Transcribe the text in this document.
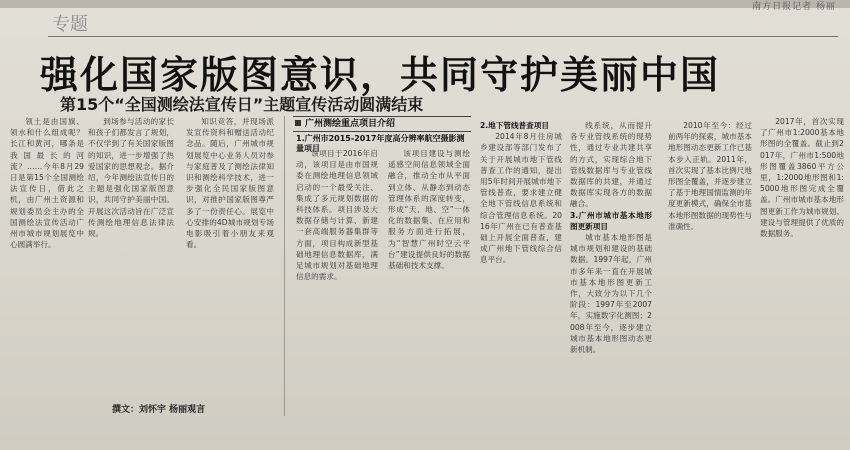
南方日报记者 杨丽
专题
强化国家版图意识，共同守护美丽中国
第15个“全国测绘法宣传日”主题宣传活动圆满结束

领土是由国旗、领水和什么组成呢？长江和黄河，哪条是我国最长的河流？……今年8月29日是第15个全国测绘法宣传日，借此之机，由广州土资源和规划委员会主办的全国测绘法宣传活动广州市城市规划展览中心圆满举行。

到场参与活动的家长和孩子们都发言了规划，不仅学到了有关国家版图的知识，进一步增强了热爱国家的思想观念。据介绍，今年测绘法宣传日的主题是强化国家版图意识，共同守护美丽中国。开展这次活动旨在广泛宣传测绘地理信息法律法规。

知识竞答，并现场派发宣传资料和赠送活动纪念品。随后，广州城市规划展览中心业务人员对参与家庭普及了测绘法律知识和测绘科学技术，进一步强化全民国家版图意识，对推护国家版图尊严多了一份责任心。展览中心安排的4D城市规划专场电影吸引着小朋友来观看。

广州测绘重点项目介绍
1.广州市2015-2017年度高分辨率航空摄影测量项目

该项目于2016年启动，该项目是由市国规委在测绘地理信息领域启动的一个最受关注、集成了多元规划数据的科技体系。项目涉及大数据存储与计算、新建一套高端服务器集群等方面，项目构成新型基础地理信息数据库，满足城市规划对基础地理信息的需求。

该项目建设与测绘遥感空间信息领域全面融合，推动全市从平面到立体、从静态到动态管理体系的深度转变，形成“天、地、空”一体化的数据集、在应用和服务方面进行拓展，为“智慧广州时空云平台”建设提供良好的数据基础和技术支撑。

2.地下管线普查项目

2014年8月住房城乡建设部等部门发布了关于开展城市地下管线普查工作的通知，提出用5年时间开展城市地下管线普查，要求建立健全地下管线信息系统和综合管理信息系统。2016年广州在已有普查基础上开展全面普查，建成广州地下管线综合信息平台。

线系统，从而提升各专业管线系统的现势性，通过专业共建共享的方式，实现综合地下管线数据库与专业管线数据库的共建，并通过数据库实现各方的数据融合。

3.广州市城市基本地形图更新项目

城市基本地形图是城市规划和建设的基础数据。1997年起，广州市多年来一直在开展城市基本地形图更新工作，大致分为以下几个阶段：1997年至2007年，实施数字化测图；2008年至今，逐步建立城市基本地形图动态更新机制。

2010年至今：经过前两年的探索，城市基本地形图动态更新工作已基本步入正轨。2011年，首次实现了基本比例尺地形图全覆盖，并逐步建立了基于地理国情监测的年度更新模式，确保全市基本地形图数据的现势性与准确性。

2017年，首次实现了广州市1:2000基本地形图的全覆盖。截止到2017年，广州市1:500地形图覆盖3860平方公里，1:2000地形图和1:5000地形图完成全覆盖。广州市城市基本地形图更新工作为城市规划、建设与管理提供了优质的数据服务。

撰文：刘怀宇 杨丽观言
